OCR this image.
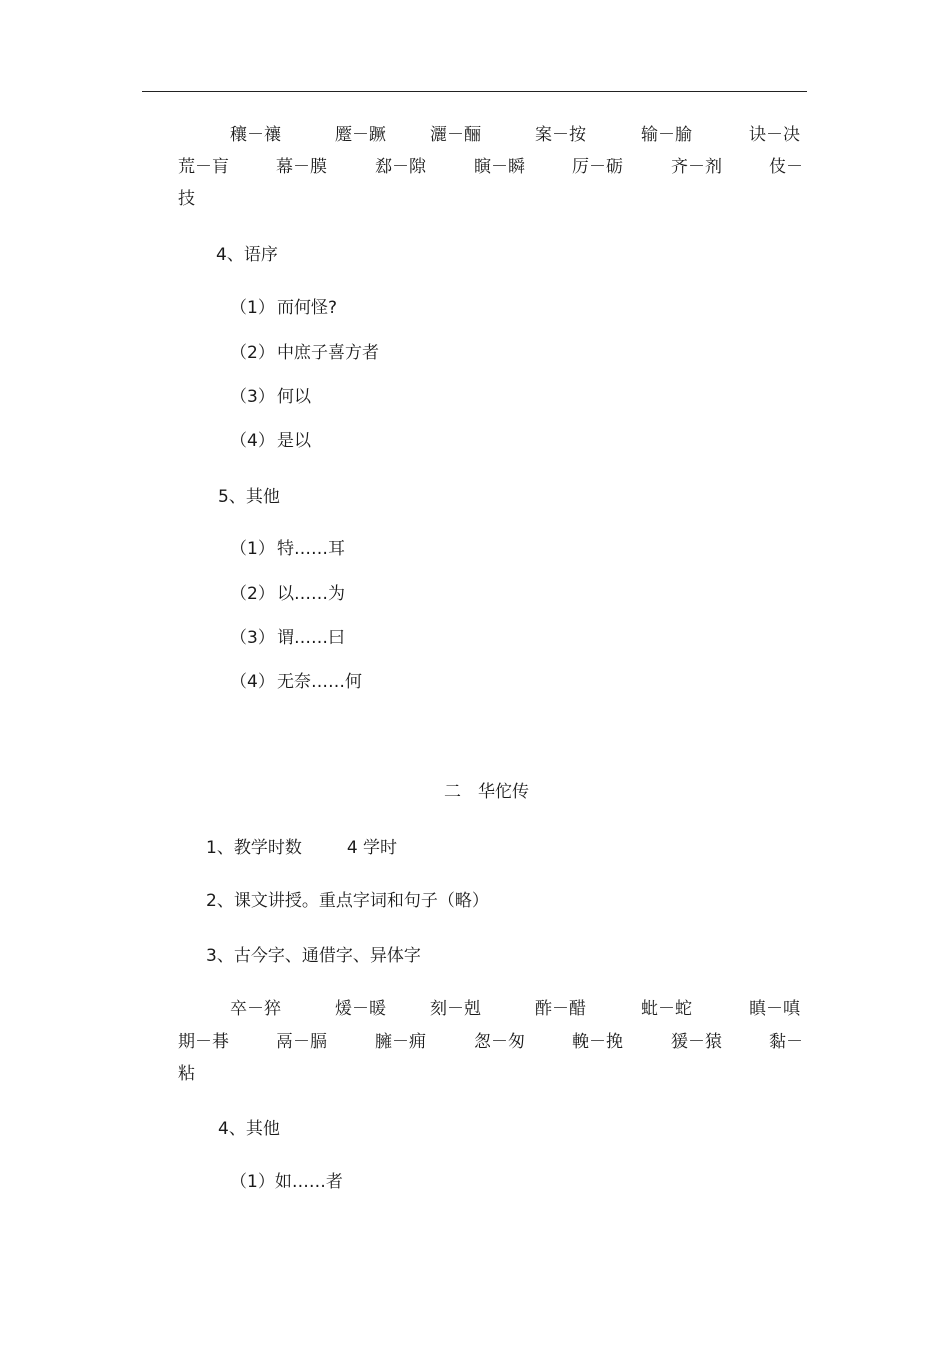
穰－禳	蹷－蹶	灑－酾	案－按	输－腧	诀－决
荒－肓	幕－膜	郄－隙	瞚－瞬	厉－砺	齐－剂	伎－
技
4、语序
（1） 而何怪?
（2） 中庶子喜方者
（3） 何以
（4） 是以
5、其他
（1） 特……耳
（2） 以……为
（3） 谓……曰
（4） 无奈……何
二　华佗传
1、教学时数	4 学时
2、课文讲授。重点字词和句子（略）
3、古今字、通借字、异体字
卒－猝	煖－暖	刻－剋	酢－醋	蚍－蛇	瞋－嗔
期－朞	鬲－膈	臃－痈	怱－匆	輓－挽	猨－猿	黏－
粘
4、其他
（1）如……者
